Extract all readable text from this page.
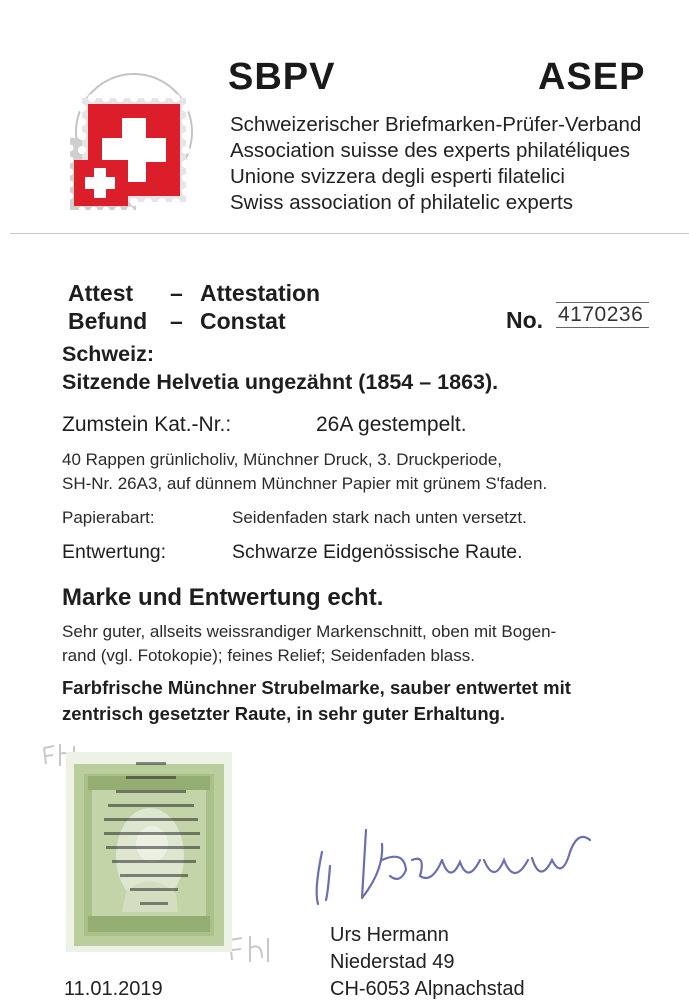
SBPV	ASEP
Schweizerischer Briefmarken-Prüfer-Verband
Association suisse des experts philatéliques
Unione svizzera degli esperti filatelici
Swiss association of philatelic experts
Attest – Attestation
Befund – Constat	No. 4170236
Schweiz:
Sitzende Helvetia ungezähnt (1854 – 1863).
Zumstein Kat.-Nr.:	26A gestempelt.
40 Rappen grünlicholiv, Münchner Druck, 3. Druckperiode,
SH-Nr. 26A3, auf dünnem Münchner Papier mit grünem S'faden.
Papierabart:	Seidenfaden stark nach unten versetzt.
Entwertung:	Schwarze Eidgenössische Raute.
Marke und Entwertung echt.
Sehr guter, allseits weissrandiger Markenschnitt, oben mit Bogen-
rand (vgl. Fotokopie); feines Relief; Seidenfaden blass.
Farbfrische Münchner Strubelmarke, sauber entwertet mit
zentrisch gesetzter Raute, in sehr guter Erhaltung.
11.01.2019
Urs Hermann
Niederstad 49
CH-6053 Alpnachstad
